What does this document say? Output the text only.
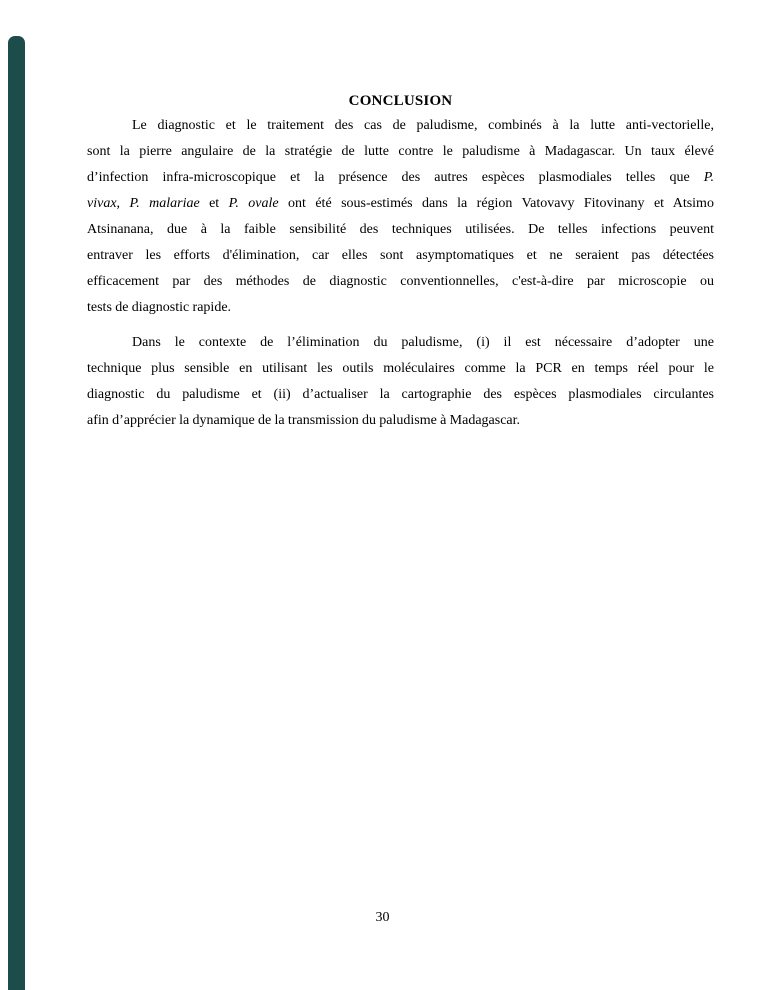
CONCLUSION
Le diagnostic et le traitement des cas de paludisme, combinés à la lutte anti-vectorielle,
sont la pierre angulaire de la stratégie de lutte contre le paludisme à Madagascar. Un taux élevé
d’infection infra-microscopique et la présence des autres espèces plasmodiales telles que P.
vivax, P. malariae et P. ovale ont été sous-estimés dans la région Vatovavy Fitovinany et Atsimo
Atsinanana, due à la faible sensibilité des techniques utilisées. De telles infections peuvent
entraver les efforts d'élimination, car elles sont asymptomatiques et ne seraient pas détectées
efficacement par des méthodes de diagnostic conventionnelles, c'est-à-dire par microscopie ou
tests de diagnostic rapide.
Dans le contexte de l’élimination du paludisme, (i) il est nécessaire d’adopter une
technique plus sensible en utilisant les outils moléculaires comme la PCR en temps réel pour le
diagnostic du paludisme et (ii) d’actualiser la cartographie des espèces plasmodiales circulantes
afin d’apprécier la dynamique de la transmission du paludisme à Madagascar.
30
